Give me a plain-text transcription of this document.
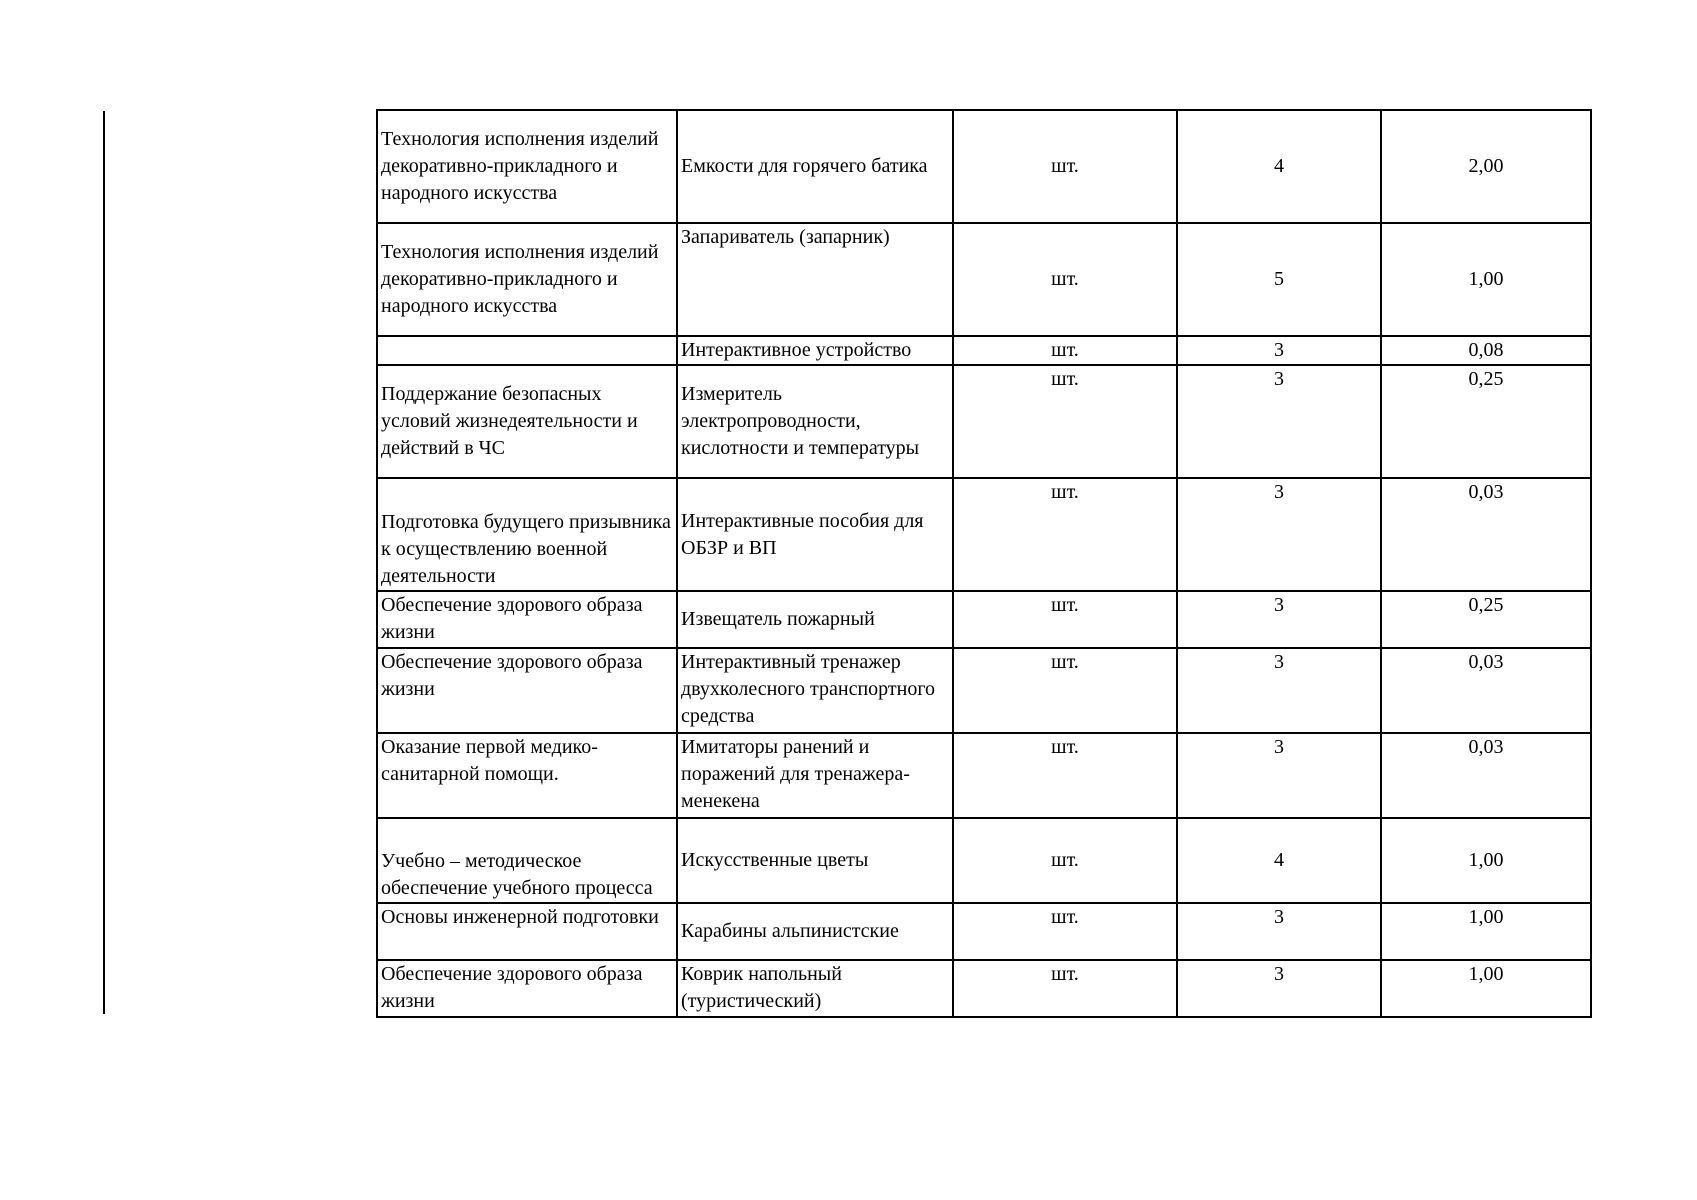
Технология исполнения изделий декоративно-прикладного и народного искусства	Емкости для горячего батика	шт.	4	2,00
Технология исполнения изделий декоративно-прикладного и народного искусства	Запариватель (запарник)	шт.	5	1,00
	Интерактивное устройство	шт.	3	0,08
Поддержание безопасных условий жизнедеятельности и действий в ЧС	Измеритель электропроводности, кислотности и температуры	шт.	3	0,25
Подготовка будущего призывника к осуществлению военной деятельности	Интерактивные пособия для ОБЗР и ВП	шт.	3	0,03
Обеспечение здорового образа жизни	Извещатель пожарный	шт.	3	0,25
Обеспечение здорового образа жизни	Интерактивный тренажер двухколесного транспортного средства	шт.	3	0,03
Оказание первой медико-санитарной помощи.	Имитаторы ранений и поражений для тренажера-менекена	шт.	3	0,03
Учебно – методическое обеспечение учебного процесса	Искусственные цветы	шт.	4	1,00
Основы инженерной подготовки	Карабины альпинистские	шт.	3	1,00
Обеспечение здорового образа жизни	Коврик напольный (туристический)	шт.	3	1,00
